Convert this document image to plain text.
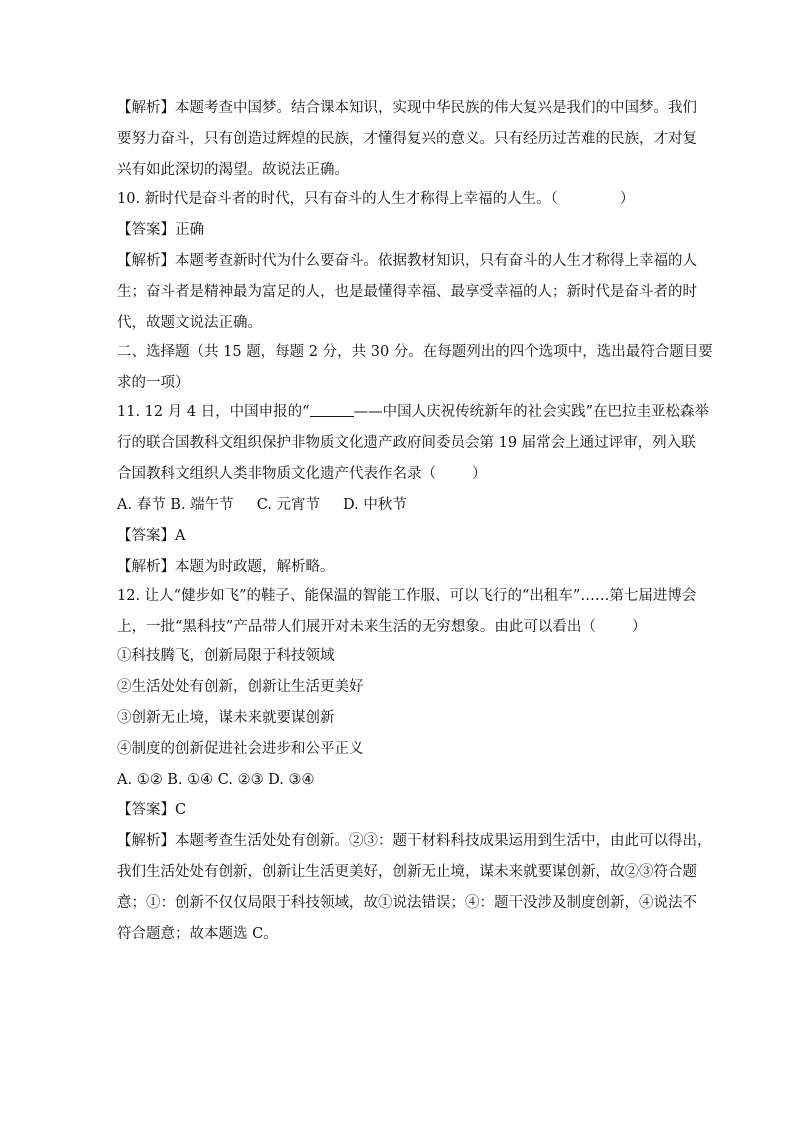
【解析】本题考查中国梦。结合课本知识，实现中华民族的伟大复兴是我们的中国梦。我们
要努力奋斗，只有创造过辉煌的民族，才懂得复兴的意义。只有经历过苦难的民族，才对复
兴有如此深切的渴望。故说法正确。
10. 新时代是奋斗者的时代，只有奋斗的人生才称得上幸福的人生。（	）
【答案】正确
【解析】本题考查新时代为什么要奋斗。依据教材知识，只有奋斗的人生才称得上幸福的人
生；奋斗者是精神最为富足的人，也是最懂得幸福、最享受幸福的人；新时代是奋斗者的时
代，故题文说法正确。
二、选择题（共 15 题，每题 2 分，共 30 分。在每题列出的四个选项中，选出最符合题目要
求的一项）
11. 12 月 4 日，中国申报的“	——中国人庆祝传统新年的社会实践”在巴拉圭亚松森举
行的联合国教科文组织保护非物质文化遗产政府间委员会第 19 届常会上通过评审，列入联
合国教科文组织人类非物质文化遗产代表作名录（ ）
A. 春节 B. 端午节     C. 元宵节     D. 中秋节
【答案】A
【解析】本题为时政题，解析略。
12. 让人“健步如飞”的鞋子、能保温的智能工作服、可以飞行的“出租车”……第七届进博会
上，一批“黑科技”产品带人们展开对未来生活的无穷想象。由此可以看出（ ）
①科技腾飞，创新局限于科技领域
②生活处处有创新，创新让生活更美好
③创新无止境，谋未来就要谋创新
④制度的创新促进社会进步和公平正义
A. ①② B. ①④ C. ②③ D. ③④
【答案】C
【解析】本题考查生活处处有创新。②③：题干材料科技成果运用到生活中，由此可以得出，
我们生活处处有创新，创新让生活更美好，创新无止境，谋未来就要谋创新，故②③符合题
意；①：创新不仅仅局限于科技领域，故①说法错误；④：题干没涉及制度创新，④说法不
符合题意；故本题选 C。
